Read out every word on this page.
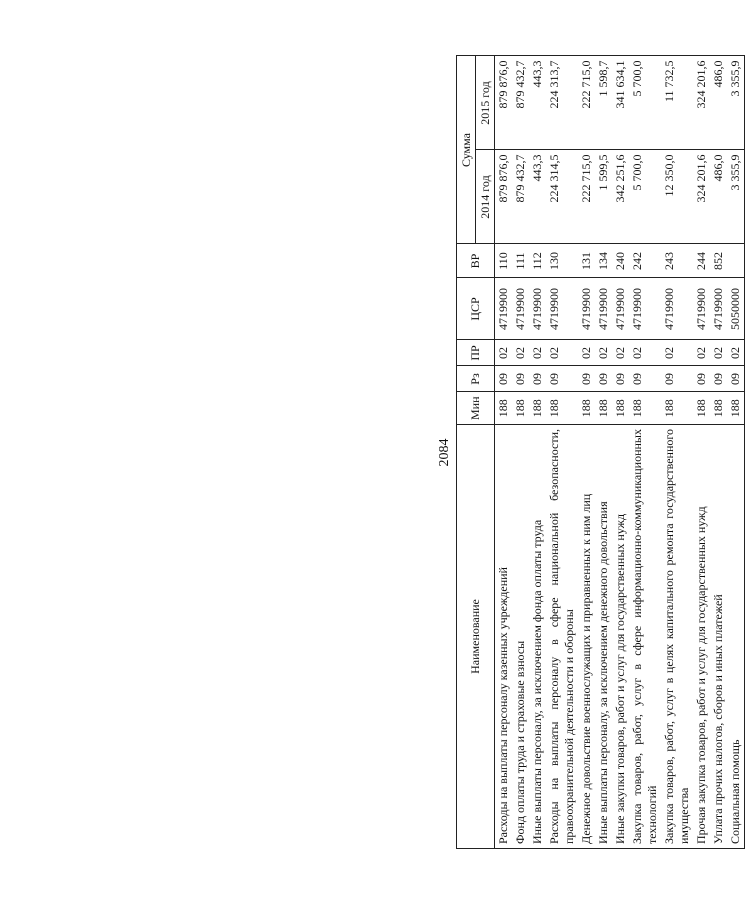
2084
Наименование	Мин	Рз	ПР	ЦСР	ВР	Сумма	
						2014 год	2015 год
Расходы на выплаты персоналу казенных учреждений	188	09	02	4719900	110	879 876,0	879 876,0
Фонд оплаты труда и страховые взносы	188	09	02	4719900	111	879 432,7	879 432,7
Иные выплаты персоналу, за исключением фонда оплаты труда	188	09	02	4719900	112	443,3	443,3
Расходы на выплаты персоналу в сфере национальной безопасности, правоохранительной деятельности и обороны	188	09	02	4719900	130	224 314,5	224 313,7
Денежное довольствие военнослужащих и приравненных к ним лиц	188	09	02	4719900	131	222 715,0	222 715,0
Иные выплаты персоналу, за исключением денежного довольствия	188	09	02	4719900	134	1 599,5	1 598,7
Иные закупки товаров, работ и услуг для государственных нужд	188	09	02	4719900	240	342 251,6	341 634,1
Закупка товаров, работ, услуг в сфере информационно-коммуникационных технологий	188	09	02	4719900	242	5 700,0	5 700,0
Закупка товаров, работ, услуг в целях капитального ремонта государственного имущества	188	09	02	4719900	243	12 350,0	11 732,5
Прочая закупка товаров, работ и услуг для государственных нужд	188	09	02	4719900	244	324 201,6	324 201,6
Уплата прочих налогов, сборов и иных платежей	188	09	02	4719900	852	486,0	486,0
Социальная помощь	188	09	02	5050000		3 355,9	3 355,9
